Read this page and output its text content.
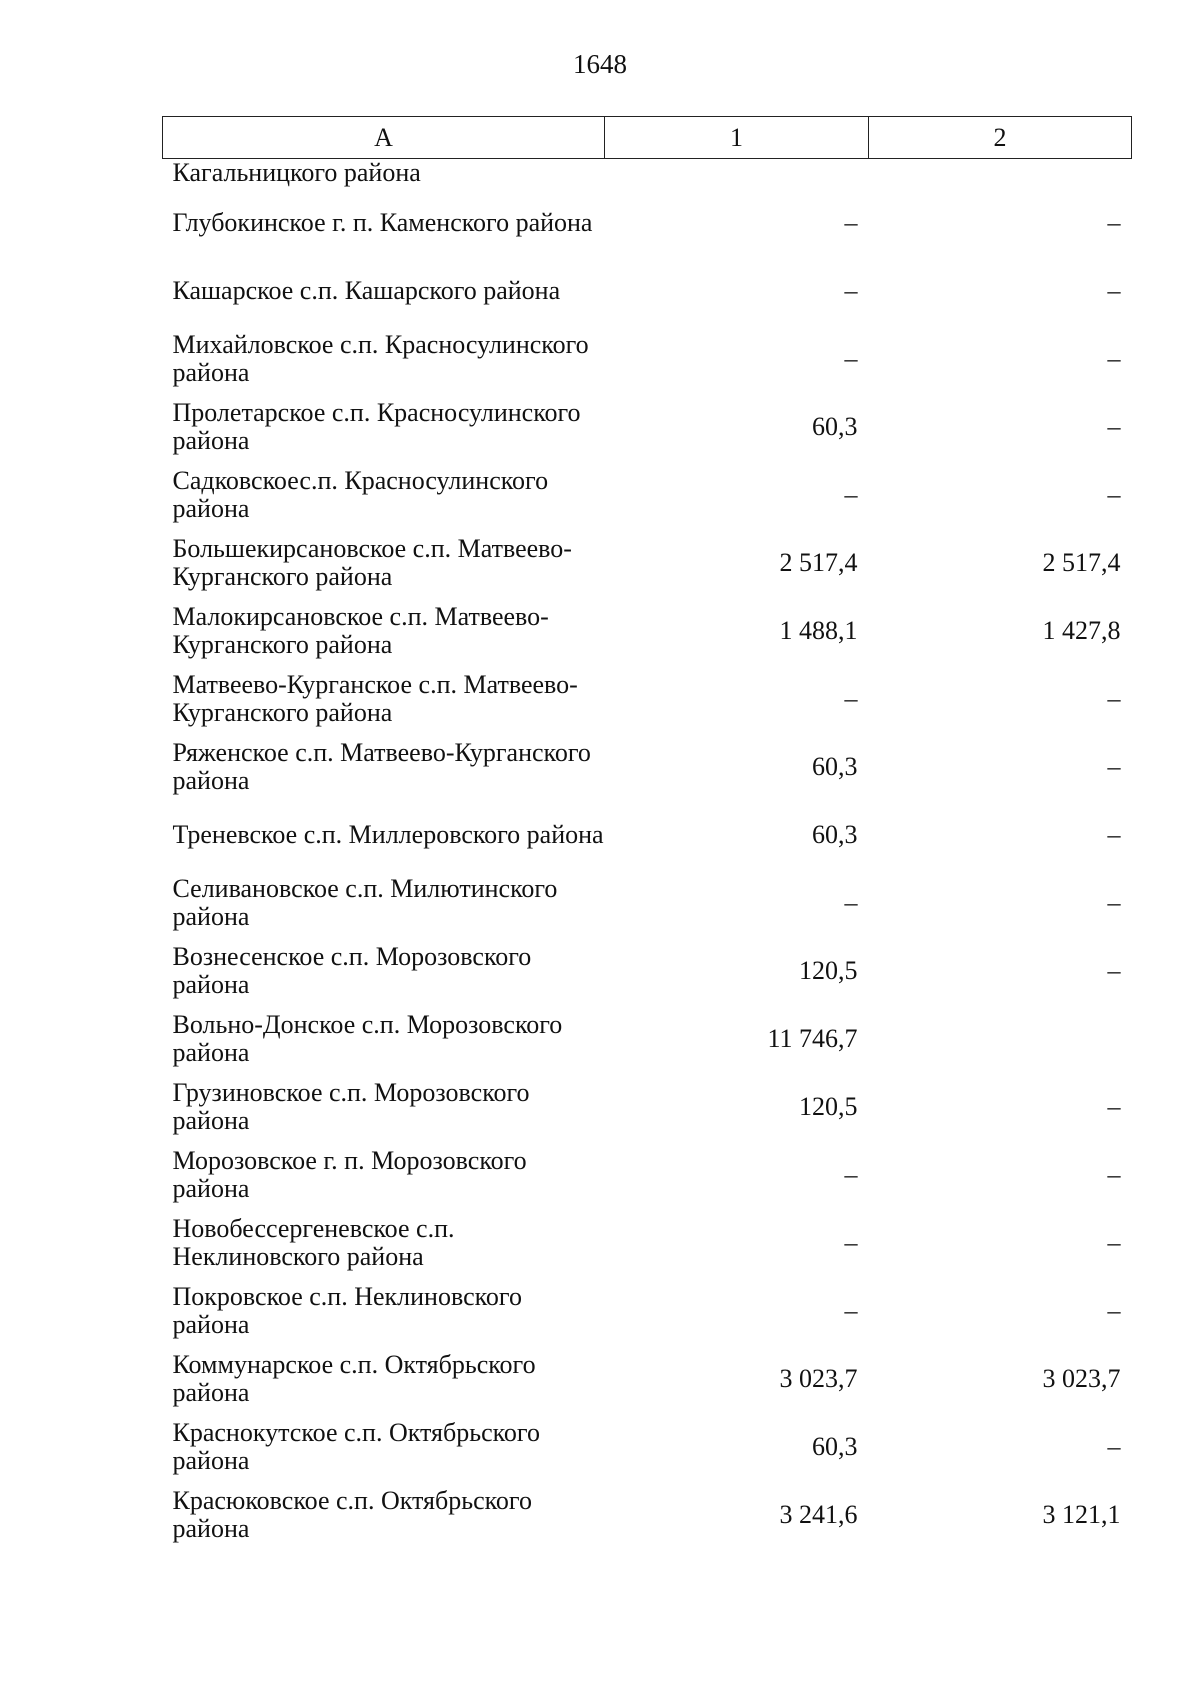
1648
А	1	2
Кагальницкого района		
Глубокинское г. п. Каменского района	–	–
Кашарское с.п. Кашарского района	–	–
Михайловское с.п. Красносулинского района	–	–
Пролетарское с.п. Красносулинского района	60,3	–
Садковскоес.п. Красносулинского района	–	–
Большекирсановское с.п. Матвеево-Курганского района	2 517,4	2 517,4
Малокирсановское с.п. Матвеево-Курганского района	1 488,1	1 427,8
Матвеево-Курганское с.п. Матвеево-Курганского района	–	–
Ряженское с.п. Матвеево-Курганского района	60,3	–
Треневское с.п. Миллеровского района	60,3	–
Селивановское с.п. Милютинского района	–	–
Вознесенское с.п. Морозовского района	120,5	–
Вольно-Донское с.п. Морозовского района	11 746,7	
Грузиновское с.п. Морозовского района	120,5	–
Морозовское г. п. Морозовского района	–	–
Новобессергеневское с.п. Неклиновского района	–	–
Покровское с.п. Неклиновского района	–	–
Коммунарское с.п. Октябрьского района	3 023,7	3 023,7
Краснокутское с.п. Октябрьского района	60,3	–
Красюковское с.п. Октябрьского района	3 241,6	3 121,1
